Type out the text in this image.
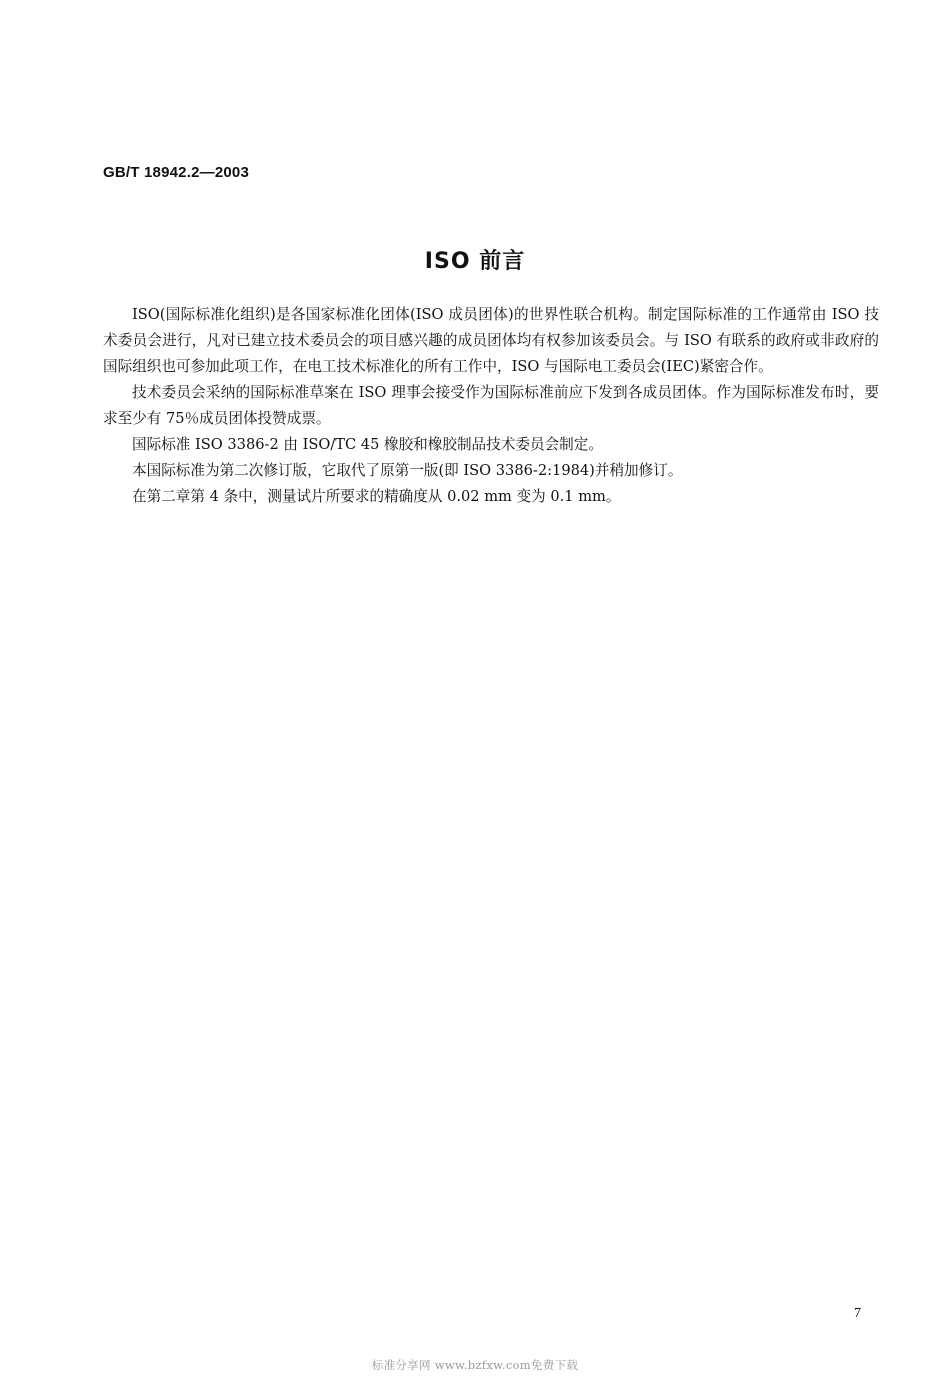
GB/T 18942.2—2003
ISO 前言

ISO(国际标准化组织)是各国家标准化团体(ISO 成员团体)的世界性联合机构。制定国际标准的工作通常由 ISO 技术委员会进行，凡对已建立技术委员会的项目感兴趣的成员团体均有权参加该委员会。与 ISO 有联系的政府或非政府的国际组织也可参加此项工作，在电工技术标准化的所有工作中，ISO 与国际电工委员会(IEC)紧密合作。

技术委员会采纳的国际标准草案在 ISO 理事会接受作为国际标准前应下发到各成员团体。作为国际标准发布时，要求至少有 75％成员团体投赞成票。

国际标准 ISO 3386-2 由 ISO/TC 45 橡胶和橡胶制品技术委员会制定。

本国际标准为第二次修订版，它取代了原第一版(即 ISO 3386-2:1984)并稍加修订。

在第二章第 4 条中，测量试片所要求的精确度从 0.02 mm 变为 0.1 mm。

7
标准分享网 www.bzfxw.com免费下载
